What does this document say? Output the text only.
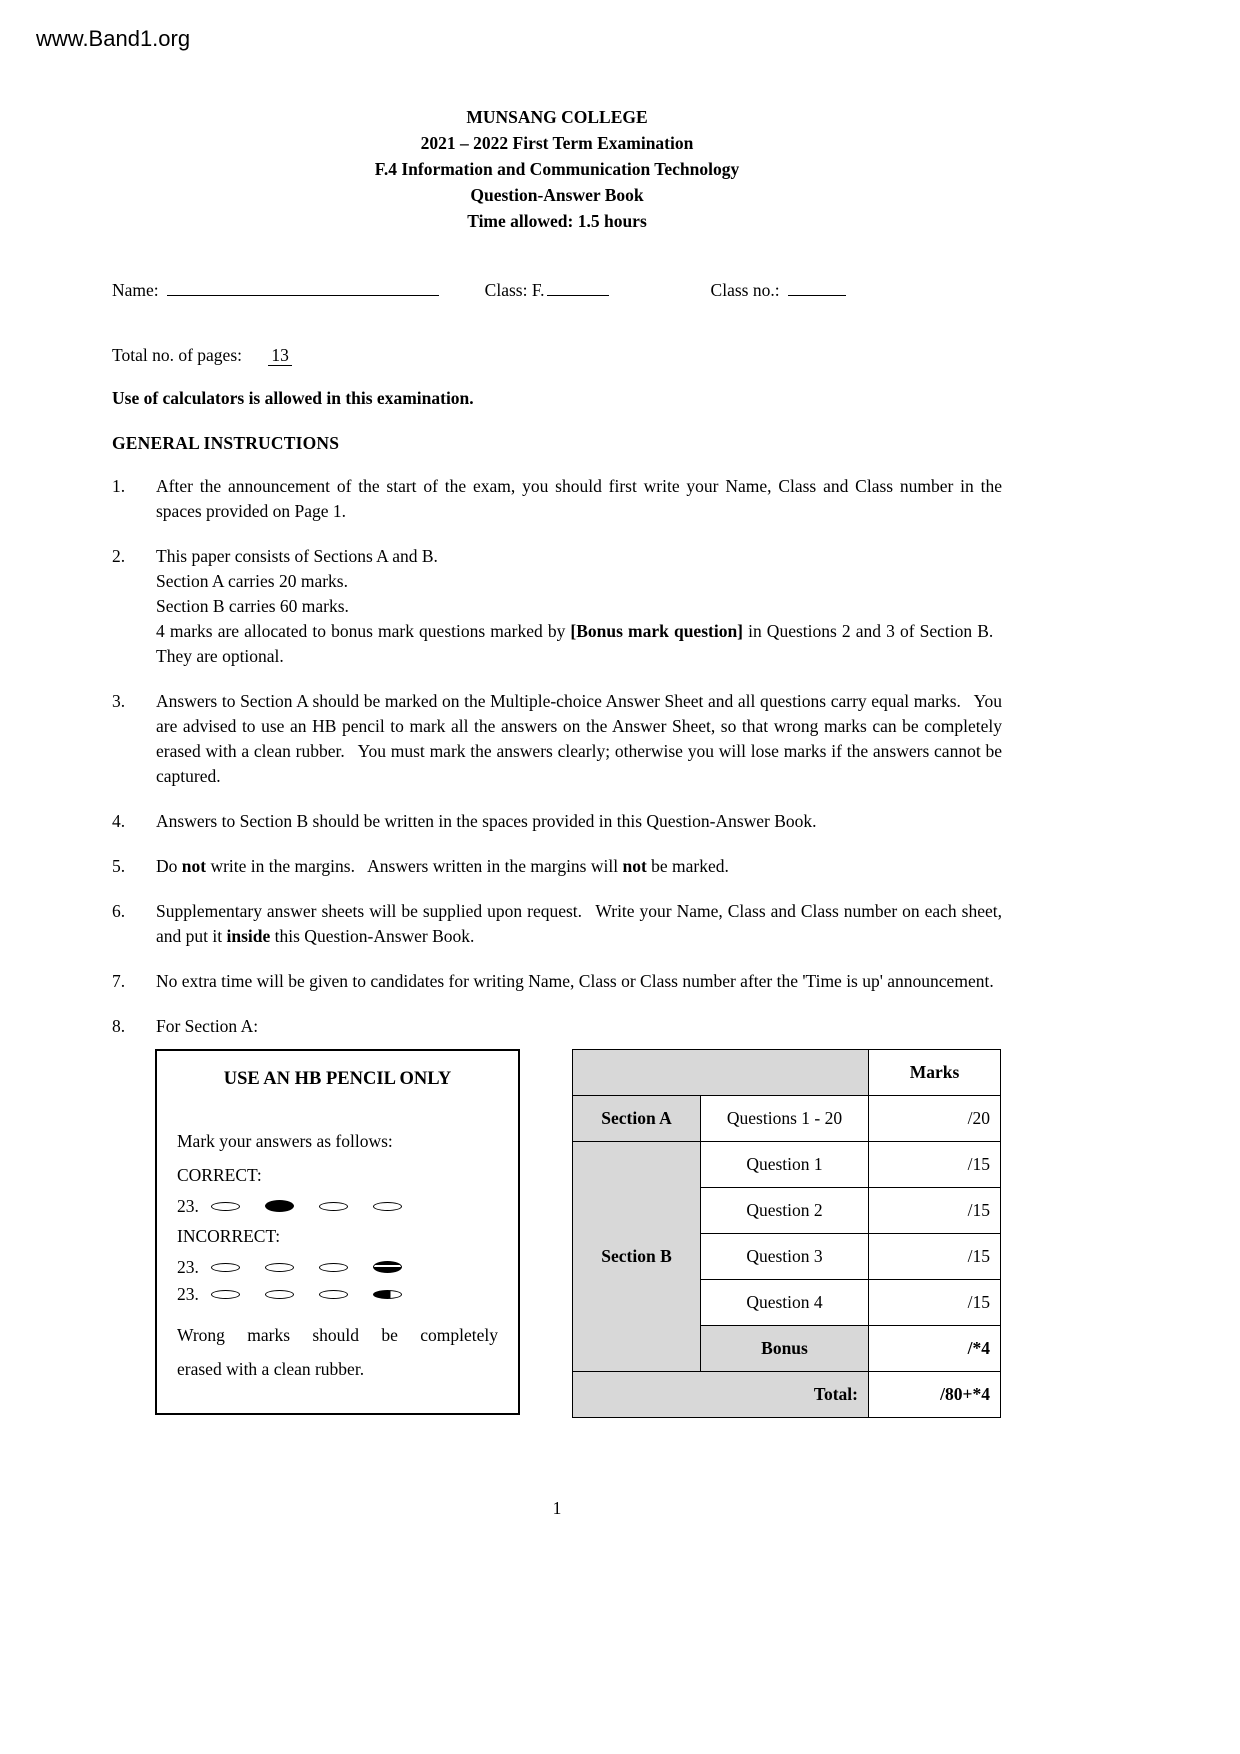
www.Band1.org
MUNSANG COLLEGE
2021 – 2022 First Term Examination
F.4 Information and Communication Technology
Question-Answer Book
Time allowed: 1.5 hours
Name:	Class: F.	Class no.:
Total no. of pages: 13
Use of calculators is allowed in this examination.
GENERAL INSTRUCTIONS
1.	After the announcement of the start of the exam, you should first write your Name, Class and Class number in the spaces provided on Page 1.
2.	This paper consists of Sections A and B.
Section A carries 20 marks.
Section B carries 60 marks.
4 marks are allocated to bonus mark questions marked by [Bonus mark question] in Questions 2 and 3 of Section B.  They are optional.
3.	Answers to Section A should be marked on the Multiple-choice Answer Sheet and all questions carry equal marks.  You are advised to use an HB pencil to mark all the answers on the Answer Sheet, so that wrong marks can be completely erased with a clean rubber.  You must mark the answers clearly; otherwise you will lose marks if the answers cannot be captured.
4.	Answers to Section B should be written in the spaces provided in this Question-Answer Book.
5.	Do not write in the margins.  Answers written in the margins will not be marked.
6.	Supplementary answer sheets will be supplied upon request.  Write your Name, Class and Class number on each sheet, and put it inside this Question-Answer Book.
7.	No extra time will be given to candidates for writing Name, Class or Class number after the 'Time is up' announcement.
8.	For Section A:
USE AN HB PENCIL ONLY
Mark your answers as follows:
CORRECT:
23.
INCORRECT:
23.
23.
Wrong marks should be completely
erased with a clean rubber.
		Marks
Section A	Questions 1 - 20	/20
Section B	Question 1	/15
	Question 2	/15
	Question 3	/15
	Question 4	/15
	Bonus	/*4
Total:		/80+*4
1
